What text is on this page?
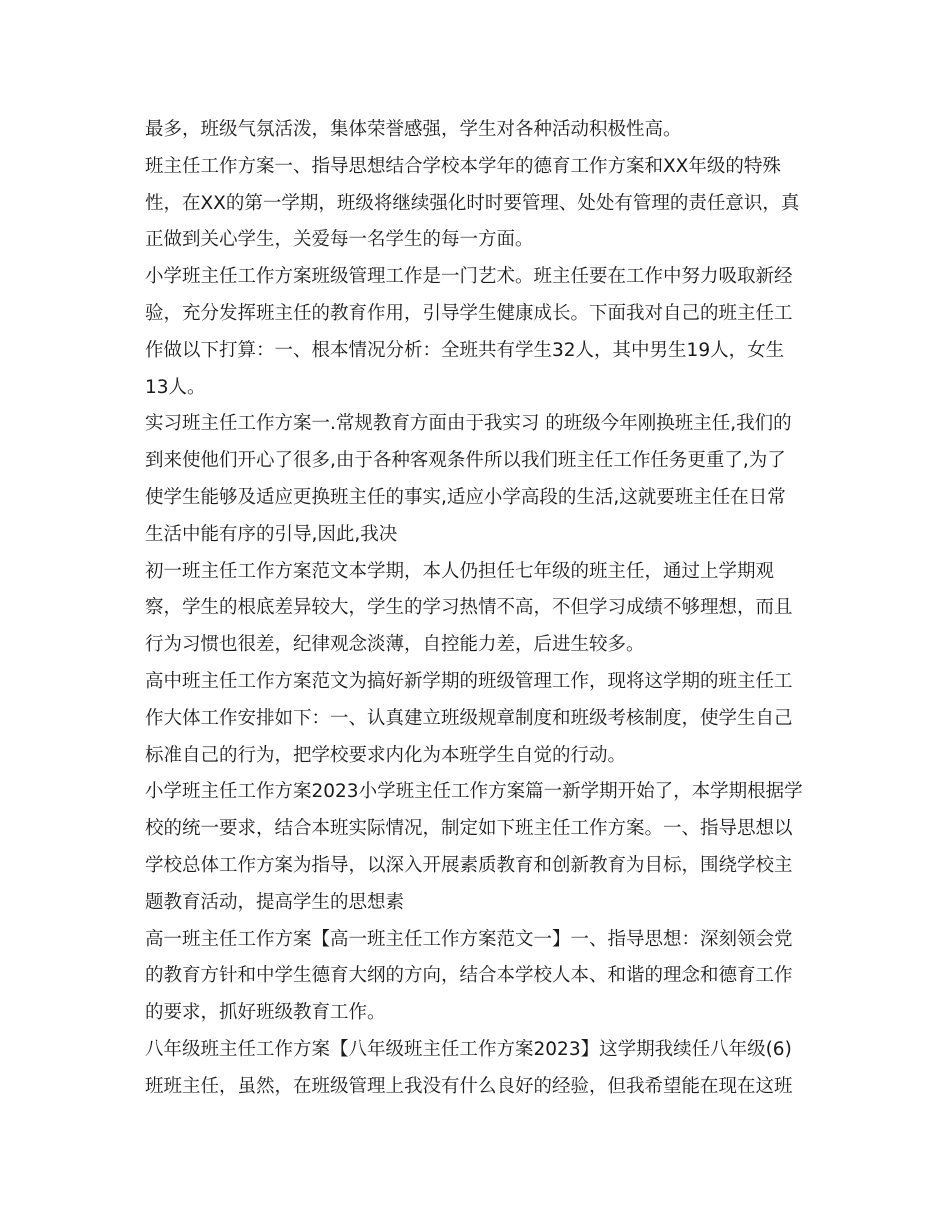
最多，班级气氛活泼，集体荣誉感强，学生对各种活动积极性高。
班主任工作方案一、指导思想结合学校本学年的德育工作方案和XX年级的特殊
性，在XX的第一学期，班级将继续强化时时要管理、处处有管理的责任意识，真
正做到关心学生，关爱每一名学生的每一方面。
小学班主任工作方案班级管理工作是一门艺术。班主任要在工作中努力吸取新经
验，充分发挥班主任的教育作用，引导学生健康成长。下面我对自己的班主任工
作做以下打算：一、根本情况分析：全班共有学生32人，其中男生19人，女生
13人。
实习班主任工作方案一.常规教育方面由于我实习 的班级今年刚换班主任,我们的
到来使他们开心了很多,由于各种客观条件所以我们班主任工作任务更重了,为了
使学生能够及适应更换班主任的事实,适应小学高段的生活,这就要班主任在日常
生活中能有序的引导,因此,我决
初一班主任工作方案范文本学期，本人仍担任七年级的班主任，通过上学期观
察，学生的根底差异较大，学生的学习热情不高，不但学习成绩不够理想，而且
行为习惯也很差，纪律观念淡薄，自控能力差，后进生较多。
高中班主任工作方案范文为搞好新学期的班级管理工作，现将这学期的班主任工
作大体工作安排如下：一、认真建立班级规章制度和班级考核制度，使学生自己
标准自己的行为，把学校要求内化为本班学生自觉的行动。
小学班主任工作方案2023小学班主任工作方案篇一新学期开始了，本学期根据学
校的统一要求，结合本班实际情况，制定如下班主任工作方案。一、指导思想以
学校总体工作方案为指导，以深入开展素质教育和创新教育为目标，围绕学校主
题教育活动，提高学生的思想素
高一班主任工作方案【高一班主任工作方案范文一】一、指导思想：深刻领会党
的教育方针和中学生德育大纲的方向，结合本学校人本、和谐的理念和德育工作
的要求，抓好班级教育工作。
八年级班主任工作方案【八年级班主任工作方案2023】这学期我续任八年级(6)
班班主任，虽然，在班级管理上我没有什么良好的经验，但我希望能在现在这班
